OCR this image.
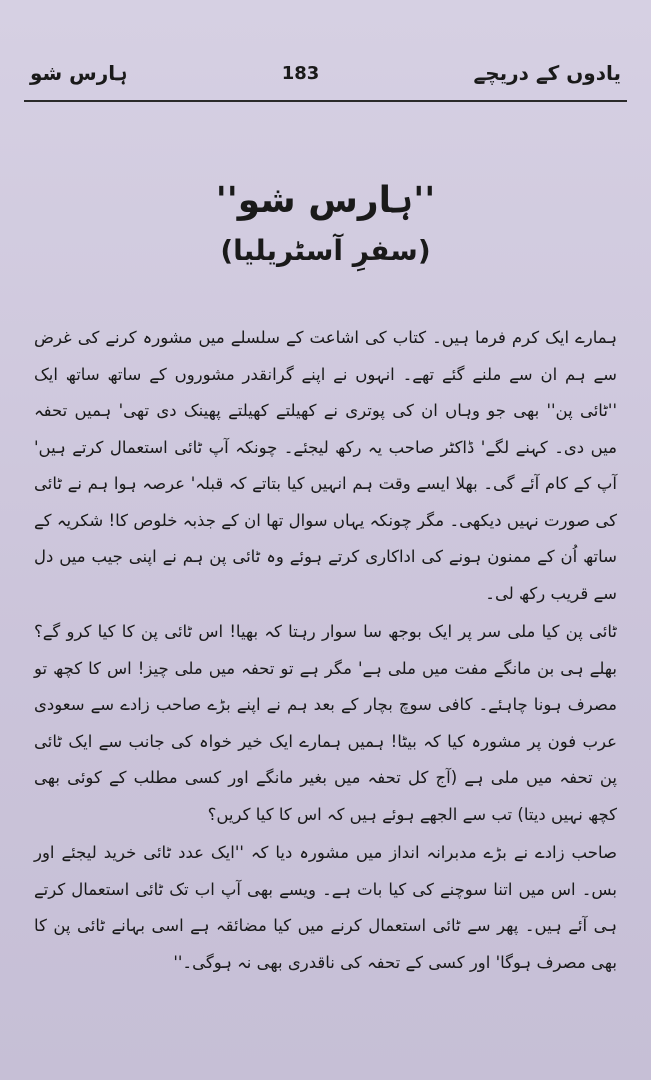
یادوں کے دریچے
183
ہارس شو
''ہارس شو''
(سفرِ آسٹریلیا)

ہمارے ایک کرم فرما ہیں۔ کتاب کی اشاعت کے سلسلے میں مشورہ کرنے کی غرض سے ہم ان سے ملنے گئے تھے۔ انہوں نے اپنے گرانقدر مشوروں کے ساتھ ساتھ ایک ''ٹائی پن'' بھی جو وہاں ان کی پوتری نے کھیلتے کھیلتے پھینک دی تھی' ہمیں تحفہ میں دی۔ کہنے لگے' ڈاکٹر صاحب یہ رکھ لیجئے۔ چونکہ آپ ٹائی استعمال کرتے ہیں' آپ کے کام آئے گی۔ بھلا ایسے وقت ہم انہیں کیا بتاتے کہ قبلہ' عرصہ ہوا ہم نے ٹائی کی صورت نہیں دیکھی۔ مگر چونکہ یہاں سوال تھا ان کے جذبہ خلوص کا! شکریہ کے ساتھ اُن کے ممنون ہونے کی اداکاری کرتے ہوئے وہ ٹائی پن ہم نے اپنی جیب میں دل سے قریب رکھ لی۔

ٹائی پن کیا ملی سر پر ایک بوجھ سا سوار رہتا کہ بھیا! اس ٹائی پن کا کیا کرو گے؟ بھلے ہی بن مانگے مفت میں ملی ہے' مگر ہے تو تحفہ میں ملی چیز! اس کا کچھ تو مصرف ہونا چاہئے۔ کافی سوچ بچار کے بعد ہم نے اپنے بڑے صاحب زادے سے سعودی عرب فون پر مشورہ کیا کہ بیٹا! ہمیں ہمارے ایک خیر خواہ کی جانب سے ایک ٹائی پن تحفہ میں ملی ہے (آج کل تحفہ میں بغیر مانگے اور کسی مطلب کے کوئی بھی کچھ نہیں دیتا) تب سے الجھے ہوئے ہیں کہ اس کا کیا کریں؟

صاحب زادے نے بڑے مدبرانہ انداز میں مشورہ دیا کہ ''ایک عدد ٹائی خرید لیجئے اور بس۔ اس میں اتنا سوچنے کی کیا بات ہے۔ ویسے بھی آپ اب تک ٹائی استعمال کرتے ہی آئے ہیں۔ پھر سے ٹائی استعمال کرنے میں کیا مضائقہ ہے اسی بہانے ٹائی پن کا بھی مصرف ہوگا' اور کسی کے تحفہ کی ناقدری بھی نہ ہوگی۔''
